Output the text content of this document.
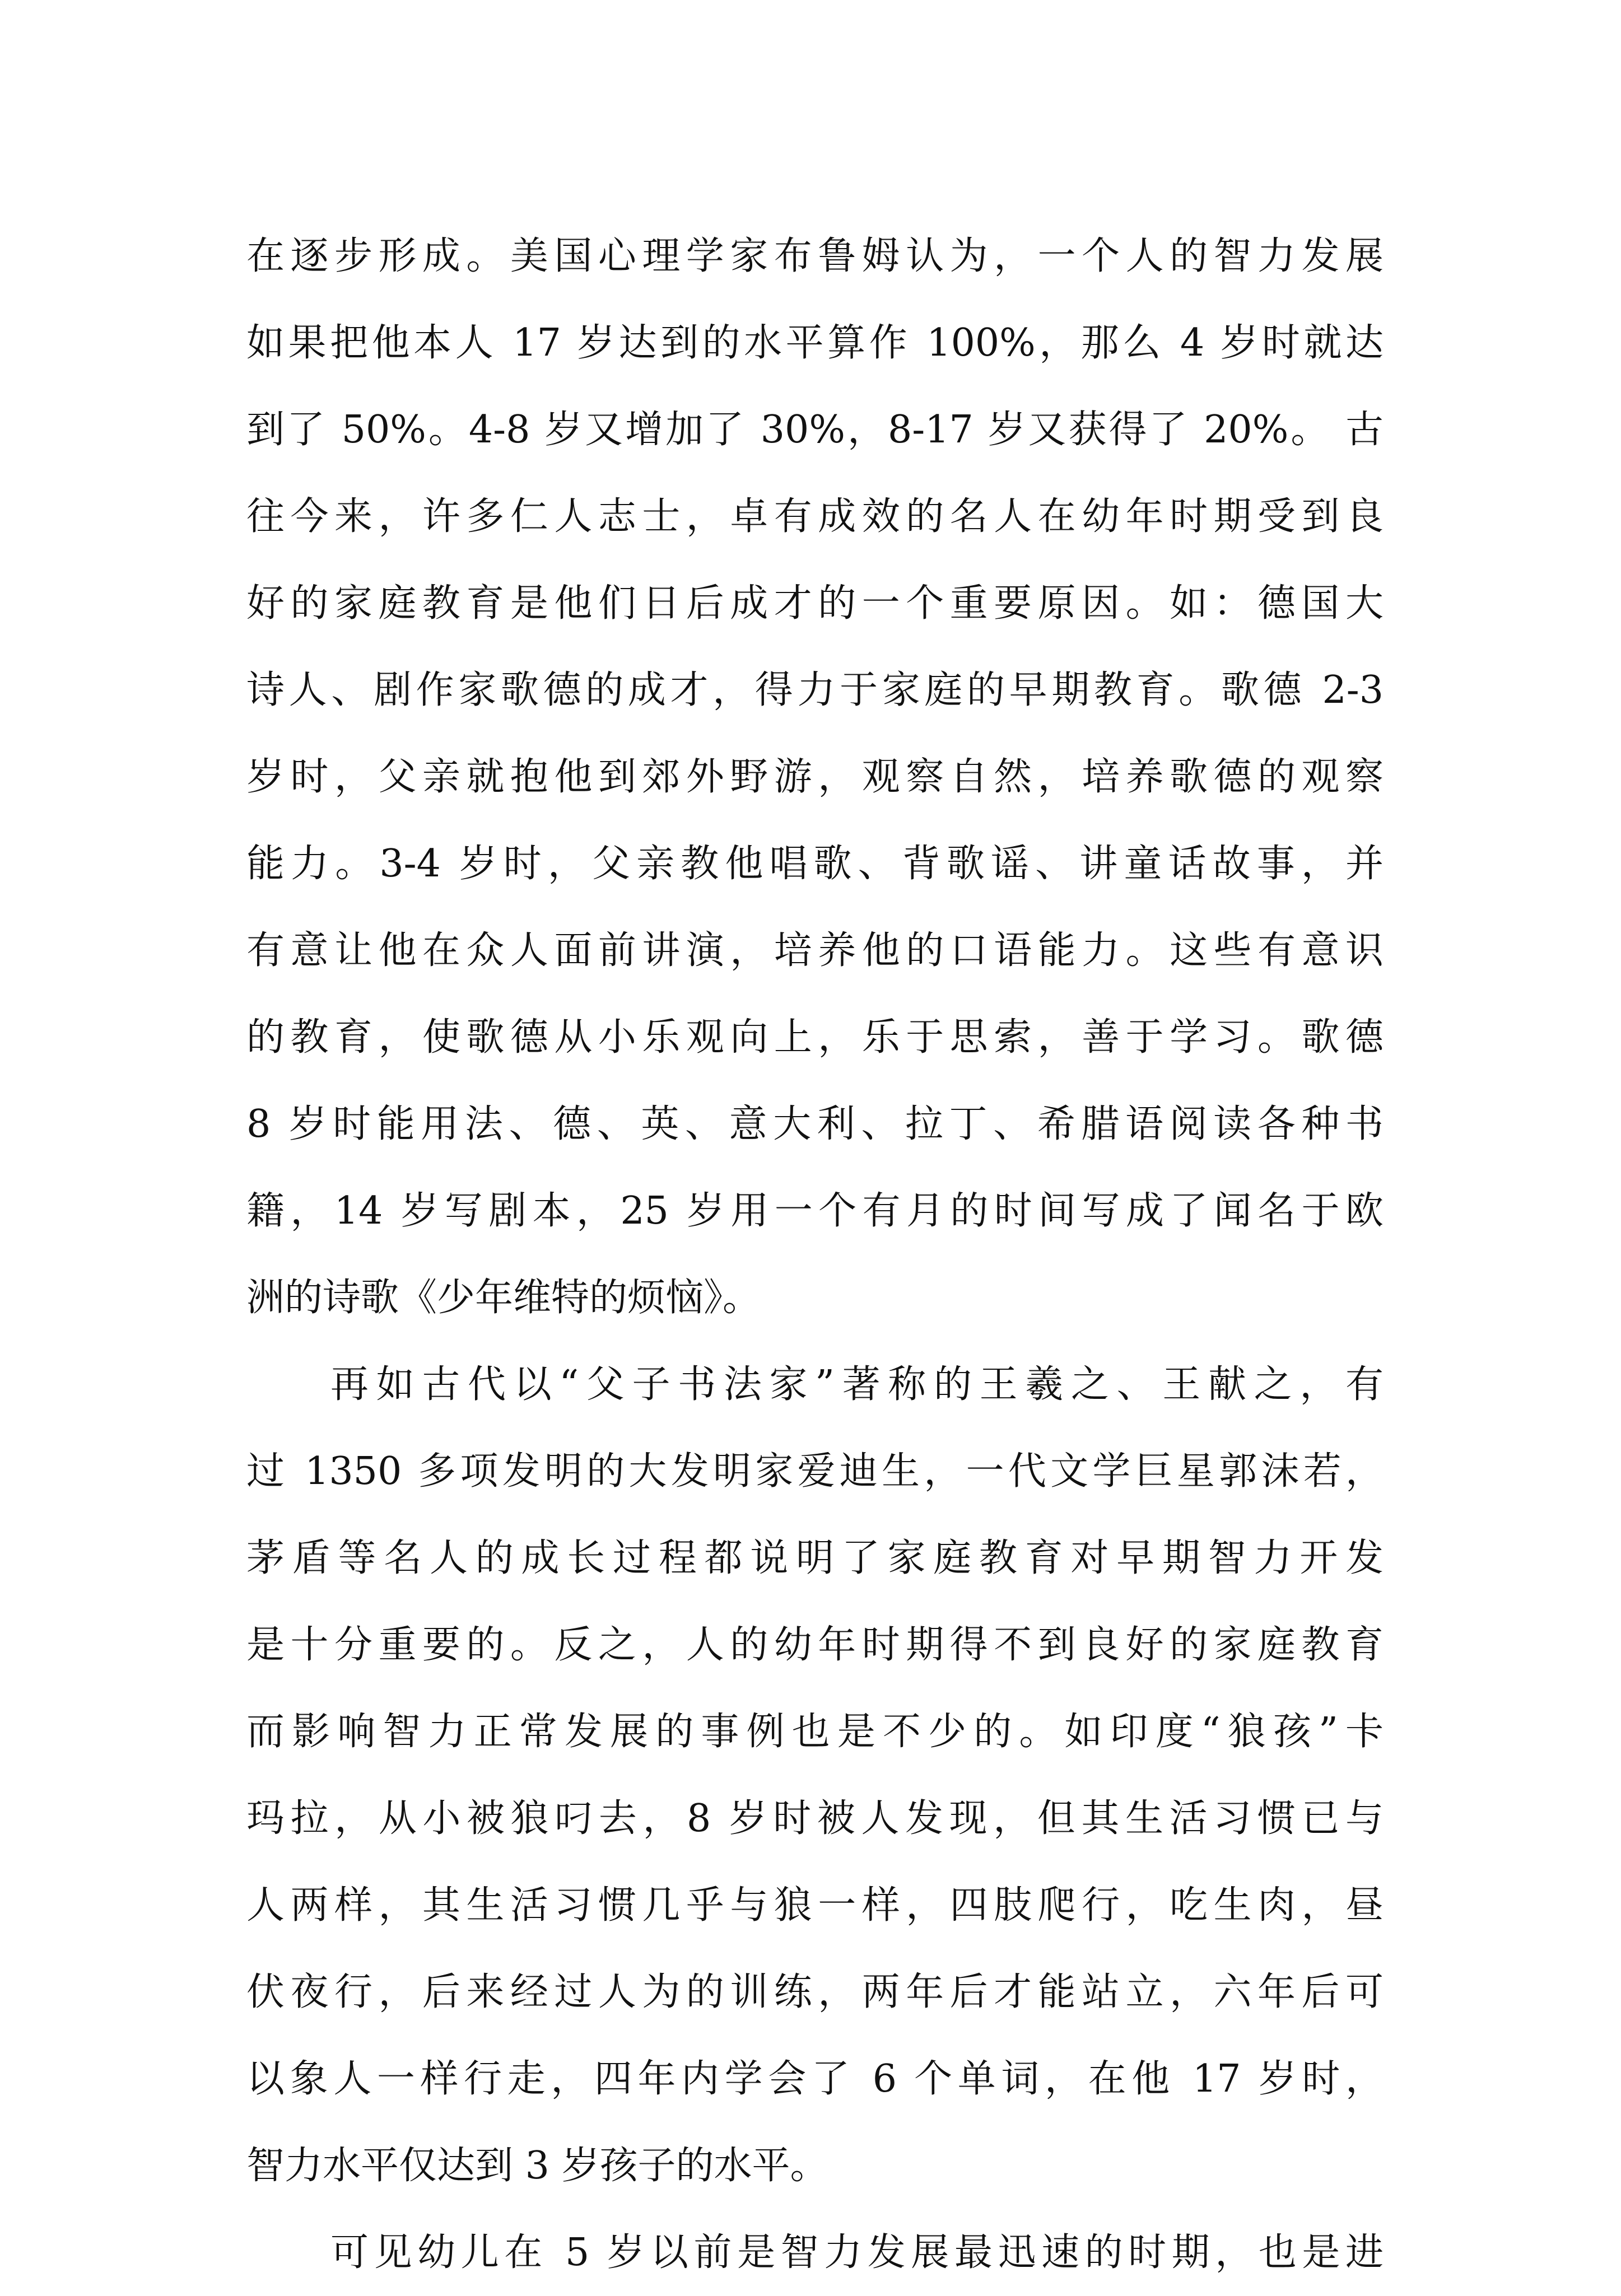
在逐步形成。美国心理学家布鲁姆认为，一个人的智力发展
如果把他本人 17 岁达到的水平算作 100%，那么 4 岁时就达
到了 50%。4-8 岁又增加了 30%，8-17 岁又获得了 20%。 古
往今来，许多仁人志士，卓有成效的名人在幼年时期受到良
好的家庭教育是他们日后成才的一个重要原因。如：德国大
诗人、剧作家歌德的成才，得力于家庭的早期教育。歌德 2-3
岁时，父亲就抱他到郊外野游，观察自然，培养歌德的观察
能力。3-4 岁时，父亲教他唱歌、背歌谣、讲童话故事，并
有意让他在众人面前讲演，培养他的口语能力。这些有意识
的教育，使歌德从小乐观向上，乐于思索，善于学习。歌德
8 岁时能用法、德、英、意大利、拉丁、希腊语阅读各种书
籍，14 岁写剧本，25 岁用一个有月的时间写成了闻名于欧
洲的诗歌《少年维特的烦恼》。
再如古代以“父子书法家”著称的王羲之、王献之，有
过 1350 多项发明的大发明家爱迪生，一代文学巨星郭沫若，
茅盾等名人的成长过程都说明了家庭教育对早期智力开发
是十分重要的。反之，人的幼年时期得不到良好的家庭教育
而影响智力正常发展的事例也是不少的。如印度“狼孩”卡
玛拉，从小被狼叼去，8 岁时被人发现，但其生活习惯已与
人两样，其生活习惯几乎与狼一样，四肢爬行，吃生肉，昼
伏夜行，后来经过人为的训练，两年后才能站立，六年后可
以象人一样行走，四年内学会了 6 个单词，在他 17 岁时，
智力水平仅达到 3 岁孩子的水平。
可见幼儿在 5 岁以前是智力发展最迅速的时期，也是进
